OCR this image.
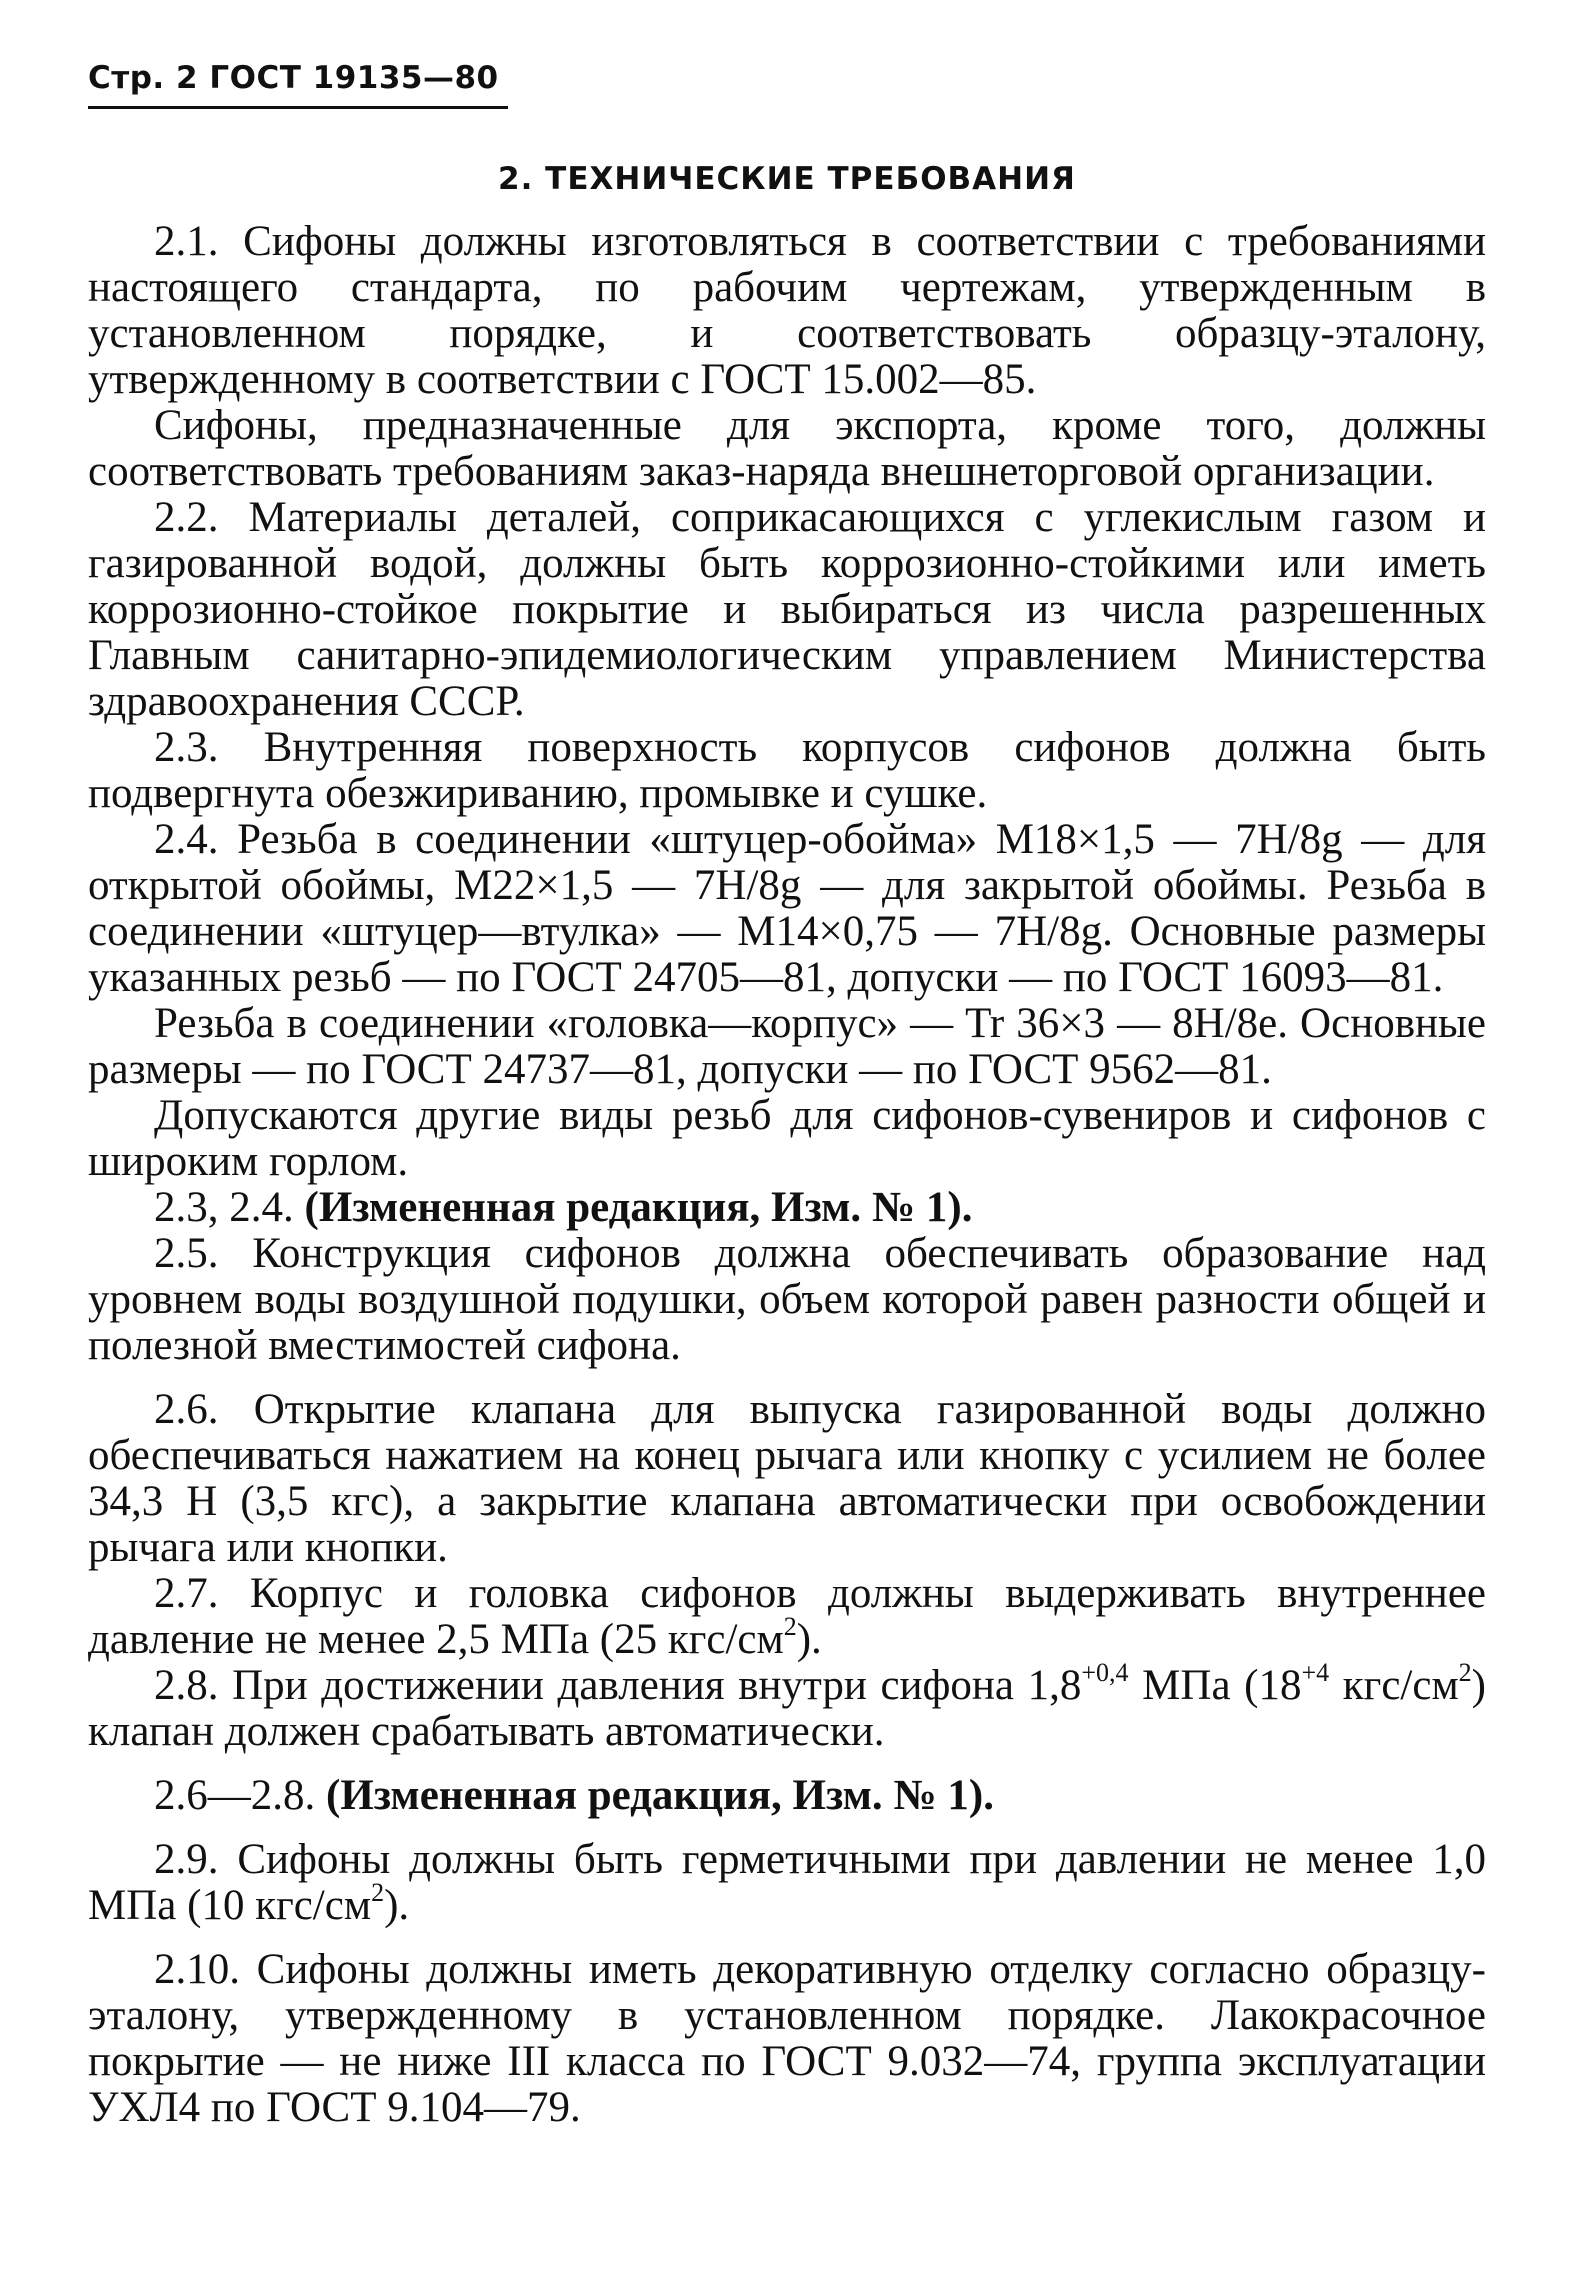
Стр. 2 ГОСТ 19135—80
2. ТЕХНИЧЕСКИЕ ТРЕБОВАНИЯ

2.1. Сифоны должны изготовляться в соответствии с требованиями настоящего стандарта, по рабочим чертежам, утвержденным в установленном порядке, и соответствовать образцу-эталону, утвержденному в соответствии с ГОСТ 15.002—85.

Сифоны, предназначенные для экспорта, кроме того, должны соответствовать требованиям заказ-наряда внешнеторговой организации.

2.2. Материалы деталей, соприкасающихся с углекислым газом и газированной водой, должны быть коррозионно-стойкими или иметь коррозионно-стойкое покрытие и выбираться из числа разрешенных Главным санитарно-эпидемиологическим управлением Министерства здравоохранения СССР.

2.3. Внутренняя поверхность корпусов сифонов должна быть подвергнута обезжириванию, промывке и сушке.

2.4. Резьба в соединении «штуцер-обойма» М18×1,5 — 7Н/8g — для открытой обоймы, М22×1,5 — 7Н/8g — для закрытой обоймы. Резьба в соединении «штуцер—втулка» — М14×0,75 — 7Н/8g. Основные размеры указанных резьб — по ГОСТ 24705—81, допуски — по ГОСТ 16093—81.

Резьба в соединении «головка—корпус» — Tr 36×3 — 8Н/8е. Основные размеры — по ГОСТ 24737—81, допуски — по ГОСТ 9562—81.

Допускаются другие виды резьб для сифонов-сувениров и сифонов с широким горлом.

2.3, 2.4. (Измененная редакция, Изм. № 1).

2.5. Конструкция сифонов должна обеспечивать образование над уровнем воды воздушной подушки, объем которой равен разности общей и полезной вместимостей сифона.

2.6. Открытие клапана для выпуска газированной воды должно обеспечиваться нажатием на конец рычага или кнопку с усилием не более 34,3 Н (3,5 кгс), а закрытие клапана автоматически при освобождении рычага или кнопки.

2.7. Корпус и головка сифонов должны выдерживать внутреннее давление не менее 2,5 МПа (25 кгс/$см^2$).

2.8. При достижении давления внутри сифона $1,8^{+0,4}$ МПа ($18^{+4}$ кгс/$см^2$) клапан должен срабатывать автоматически.

2.6—2.8. (Измененная редакция, Изм. № 1).

2.9. Сифоны должны быть герметичными при давлении не менее 1,0 МПа (10 кгс/$см^2$).

2.10. Сифоны должны иметь декоративную отделку согласно образцу-эталону, утвержденному в установленном порядке. Лакокрасочное покрытие — не ниже III класса по ГОСТ 9.032—74, группа эксплуатации УХЛ4 по ГОСТ 9.104—79.
